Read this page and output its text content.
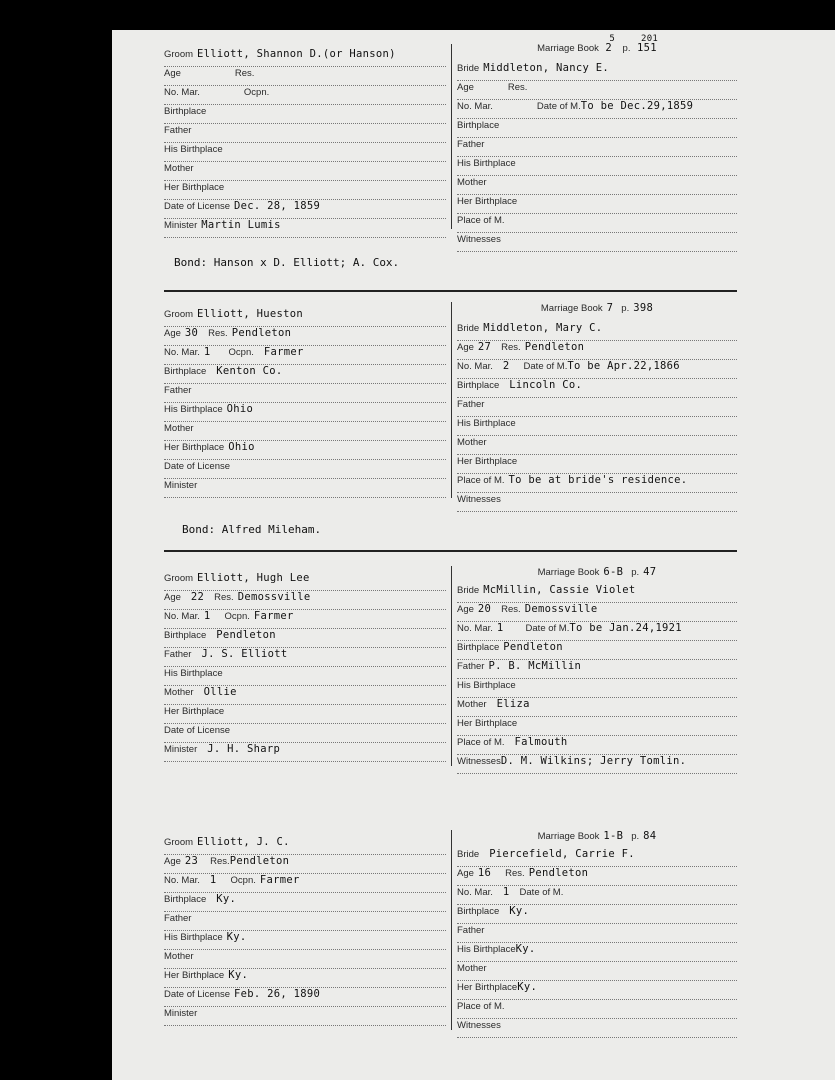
Groom Elliott, Shannon D.(or Hanson)
Age	Res.
No. Mar.	Ocpn.
Birthplace
Father
His Birthplace
Mother
Her Birthplace
Date of License Dec. 28, 1859
Minister Martin Lumis
Marriage Book
5
2 p.
201
151
Bride Middleton, Nancy E.
Age	Res.
No. Mar.	Date of M.To be Dec.29,1859
Birthplace
Father
His Birthplace
Mother
Her Birthplace
Place of M.
Witnesses
Bond: Hanson x D. Elliott; A. Cox.
Groom Elliott, Hueston
Age 30 Res. Pendleton
No. Mar. 1 Ocpn. Farmer
Birthplace Kenton Co.
Father
His Birthplace Ohio
Mother
Her Birthplace Ohio
Date of License
Minister
Marriage Book 7 p. 398
Bride Middleton, Mary C.
Age 27 Res. Pendleton
No. Mar. 2 Date of M.To be Apr.22,1866
Birthplace Lincoln Co.
Father
His Birthplace
Mother
Her Birthplace
Place of M. To be at bride's residence.
Witnesses
Bond: Alfred Mileham.
Groom Elliott, Hugh Lee
Age 22 Res. Demossville
No. Mar. 1 Ocpn. Farmer
Birthplace Pendleton
Father J. S. Elliott
His Birthplace
Mother Ollie
Her Birthplace
Date of License
Minister J. H. Sharp
Marriage Book 6-B p. 47
Bride McMillin, Cassie Violet
Age 20 Res. Demossville
No. Mar. 1 Date of M.To be Jan.24,1921
Birthplace Pendleton
Father P. B. McMillin
His Birthplace
Mother Eliza
Her Birthplace
Place of M. Falmouth
WitnessesD. M. Wilkins; Jerry Tomlin.
Groom Elliott, J. C.
Age 23 Res.Pendleton
No. Mar. 1 Ocpn. Farmer
Birthplace Ky.
Father
His Birthplace Ky.
Mother
Her Birthplace Ky.
Date of License Feb. 26, 1890
Minister
Marriage Book 1-B p. 84
Bride Piercefield, Carrie F.
Age 16 Res. Pendleton
No. Mar. 1 Date of M.
Birthplace Ky.
Father
His BirthplaceKy.
Mother
Her BirthplaceKy.
Place of M.
Witnesses
